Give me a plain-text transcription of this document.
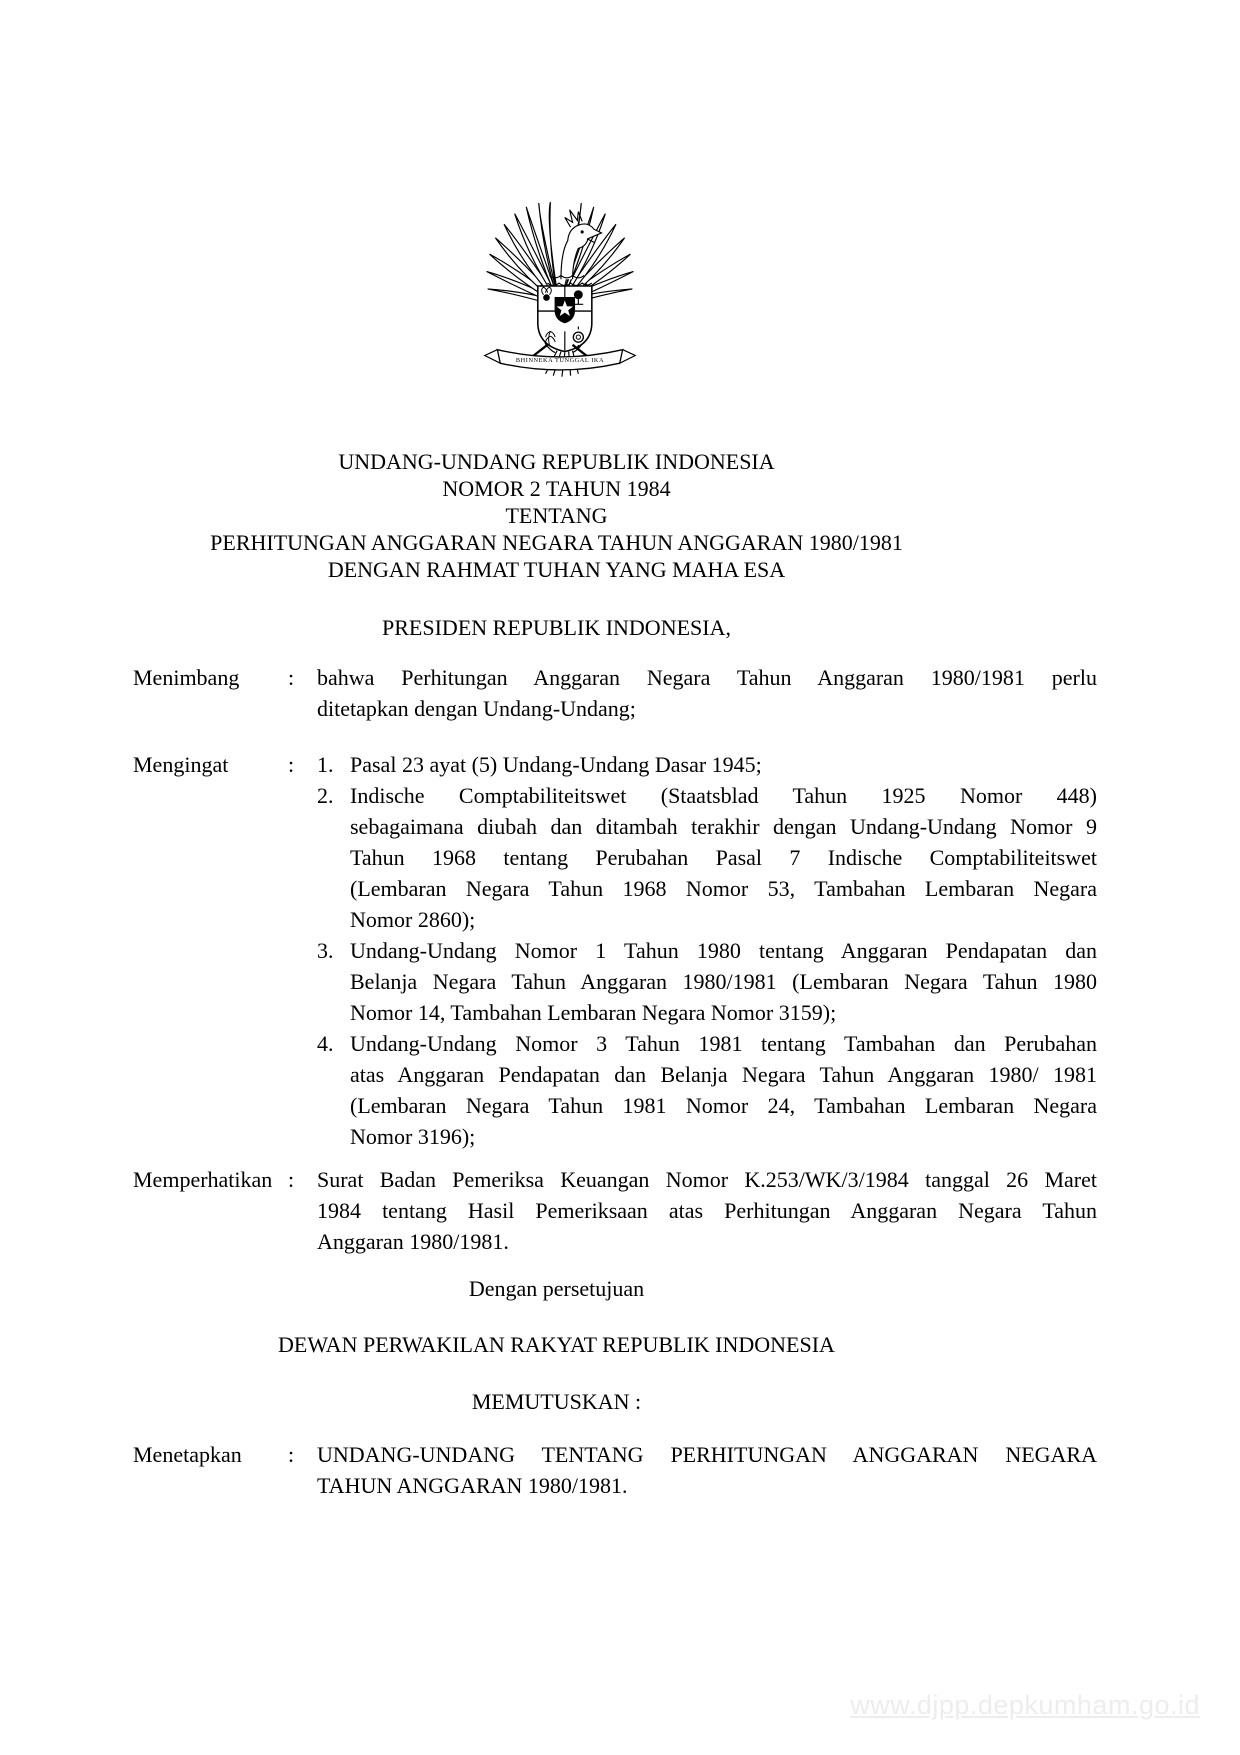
BHINNEKA TUNGGAL IKA
UNDANG-UNDANG REPUBLIK INDONESIA
NOMOR 2 TAHUN 1984
TENTANG
PERHITUNGAN ANGGARAN NEGARA TAHUN ANGGARAN 1980/1981
DENGAN RAHMAT TUHAN YANG MAHA ESA
PRESIDEN REPUBLIK INDONESIA,
Menimbang	:	bahwa Perhitungan Anggaran Negara Tahun Anggaran 1980/1981 perlu
ditetapkan dengan Undang-Undang;
Mengingat	:	1. Pasal 23 ayat (5) Undang-Undang Dasar 1945;
2. Indische Comptabiliteitswet (Staatsblad Tahun 1925 Nomor 448)
sebagaimana diubah dan ditambah terakhir dengan Undang-Undang Nomor 9
Tahun 1968 tentang Perubahan Pasal 7 Indische Comptabiliteitswet
(Lembaran Negara Tahun 1968 Nomor 53, Tambahan Lembaran Negara
Nomor 2860);
3. Undang-Undang Nomor 1 Tahun 1980 tentang Anggaran Pendapatan dan
Belanja Negara Tahun Anggaran 1980/1981 (Lembaran Negara Tahun 1980
Nomor 14, Tambahan Lembaran Negara Nomor 3159);
4. Undang-Undang Nomor 3 Tahun 1981 tentang Tambahan dan Perubahan
atas Anggaran Pendapatan dan Belanja Negara Tahun Anggaran 1980/ 1981
(Lembaran Negara Tahun 1981 Nomor 24, Tambahan Lembaran Negara
Nomor 3196);
Memperhatikan :	Surat Badan Pemeriksa Keuangan Nomor K.253/WK/3/1984 tanggal 26 Maret
1984 tentang Hasil Pemeriksaan atas Perhitungan Anggaran Negara Tahun
Anggaran 1980/1981.
Dengan persetujuan
DEWAN PERWAKILAN RAKYAT REPUBLIK INDONESIA
MEMUTUSKAN :
Menetapkan	:	UNDANG-UNDANG TENTANG PERHITUNGAN ANGGARAN NEGARA
TAHUN ANGGARAN 1980/1981.
www.djpp.depkumham.go.id
